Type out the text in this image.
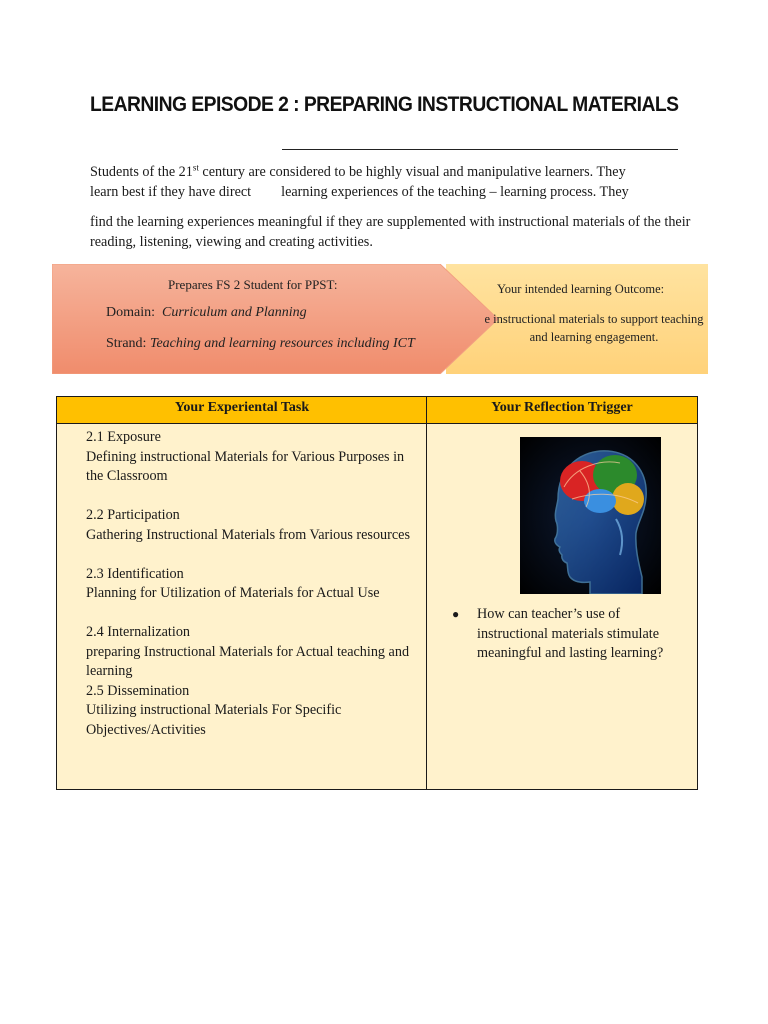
LEARNING EPISODE 2 : PREPARING INSTRUCTIONAL MATERIALS
Students of the 21st century are considered to be highly visual and manipulative learners. They
learn best if they have direct learning experiences of the teaching – learning process. They
find the learning experiences meaningful if they are supplemented with instructional materials of the their reading, listening, viewing and creating activities.
Prepares FS 2 Student for PPST:
Domain: Curriculum and Planning
Strand: Teaching and learning resources including ICT
Your intended learning Outcome:
e instructional materials to support teaching and learning engagement.
Your Experiental Task	Your Reflection Trigger
2.1 Exposure
Defining instructional Materials for Various Purposes in the Classroom
2.2 Participation
Gathering Instructional Materials from Various resources
2.3 Identification
Planning for Utilization of Materials for Actual Use
2.4 Internalization
preparing Instructional Materials for Actual teaching and learning
2.5 Dissemination
Utilizing instructional Materials For Specific Objectives/Activities
● How can teacher’s use of instructional materials stimulate meaningful and lasting learning?
